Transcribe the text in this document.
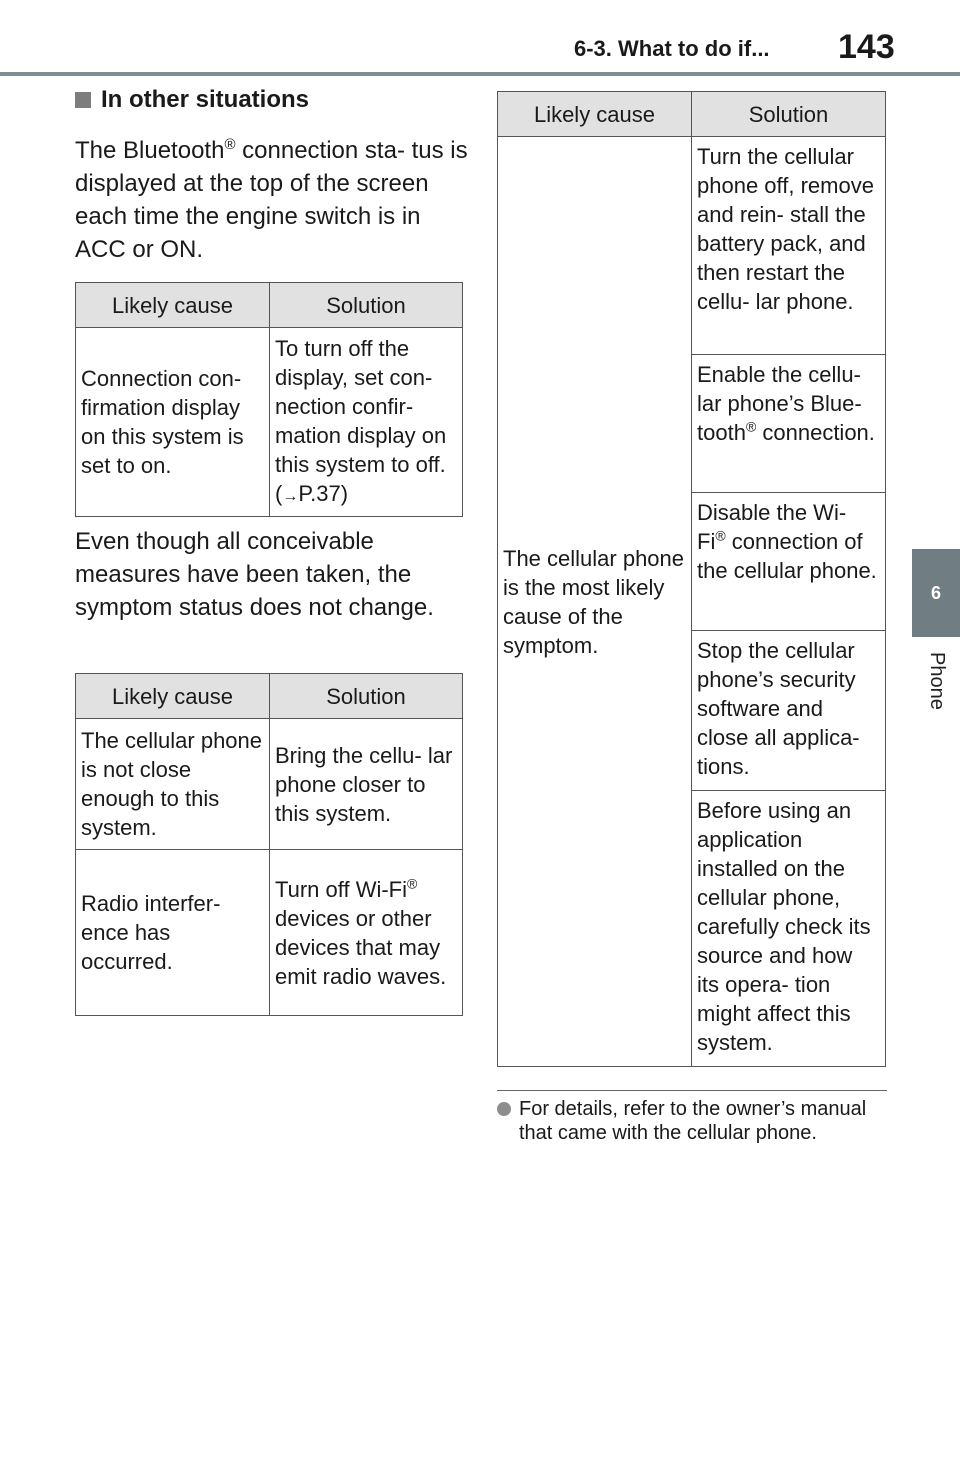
6-3. What to do if... 143
6
Phone
In other situations
The Bluetooth® connection sta- tus is displayed at the top of the screen each time the engine switch is in ACC or ON.
Likely cause	Solution
Connection con- firmation display on this system is set to on.	To turn off the display, set con- nection confir- mation display on this system to off. (→P.37)
Even though all conceivable measures have been taken, the symptom status does not change.
Likely cause	Solution
The cellular phone is not close enough to this system.	Bring the cellu- lar phone closer to this system.
Radio interfer- ence has occurred.	Turn off Wi-Fi® devices or other devices that may emit radio waves.
Likely cause	Solution
The cellular phone is the most likely cause of the symptom.	Turn the cellular phone off, remove and rein- stall the battery pack, and then restart the cellu- lar phone.
	Enable the cellu- lar phone’s Blue- tooth® connection.
	Disable the Wi- Fi® connection of the cellular phone.
	Stop the cellular phone’s security software and close all applica- tions.
	Before using an application installed on the cellular phone, carefully check its source and how its opera- tion might affect this system.
For details, refer to the owner’s manual that came with the cellular phone.
